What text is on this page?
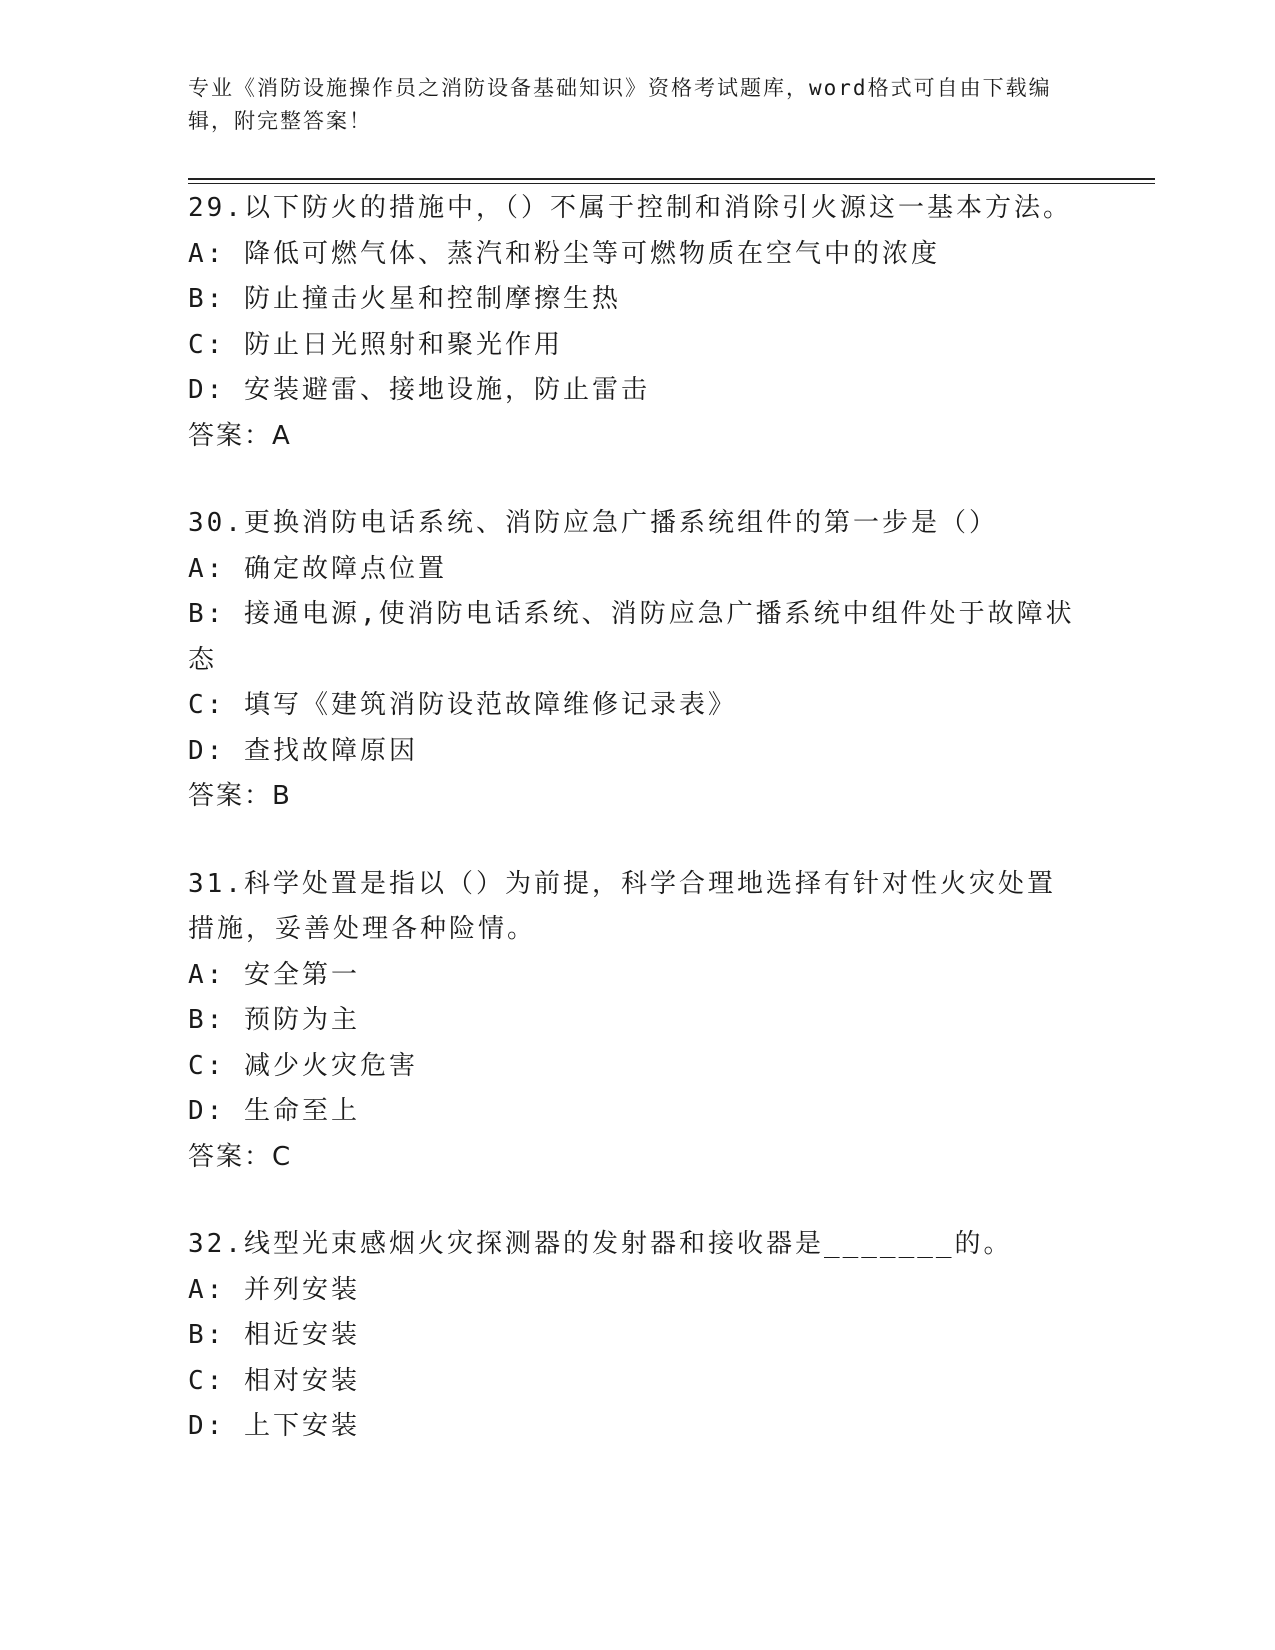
专业《消防设施操作员之消防设备基础知识》资格考试题库，word格式可自由下载编辑，附完整答案！
29.以下防火的措施中，（）不属于控制和消除引火源这一基本方法。
A: 降低可燃气体、蒸汽和粉尘等可燃物质在空气中的浓度
B: 防止撞击火星和控制摩擦生热
C: 防止日光照射和聚光作用
D: 安装避雷、接地设施，防止雷击
答案：A
30.更换消防电话系统、消防应急广播系统组件的第一步是（）
A: 确定故障点位置
B: 接通电源,使消防电话系统、消防应急广播系统中组件处于故障状态
C: 填写《建筑消防设范故障维修记录表》
D: 查找故障原因
答案：B
31.科学处置是指以（）为前提，科学合理地选择有针对性火灾处置措施，妥善处理各种险情。
A: 安全第一
B: 预防为主
C: 减少火灾危害
D: 生命至上
答案：C
32.线型光束感烟火灾探测器的发射器和接收器是_______的。
A: 并列安装
B: 相近安装
C: 相对安装
D: 上下安装
